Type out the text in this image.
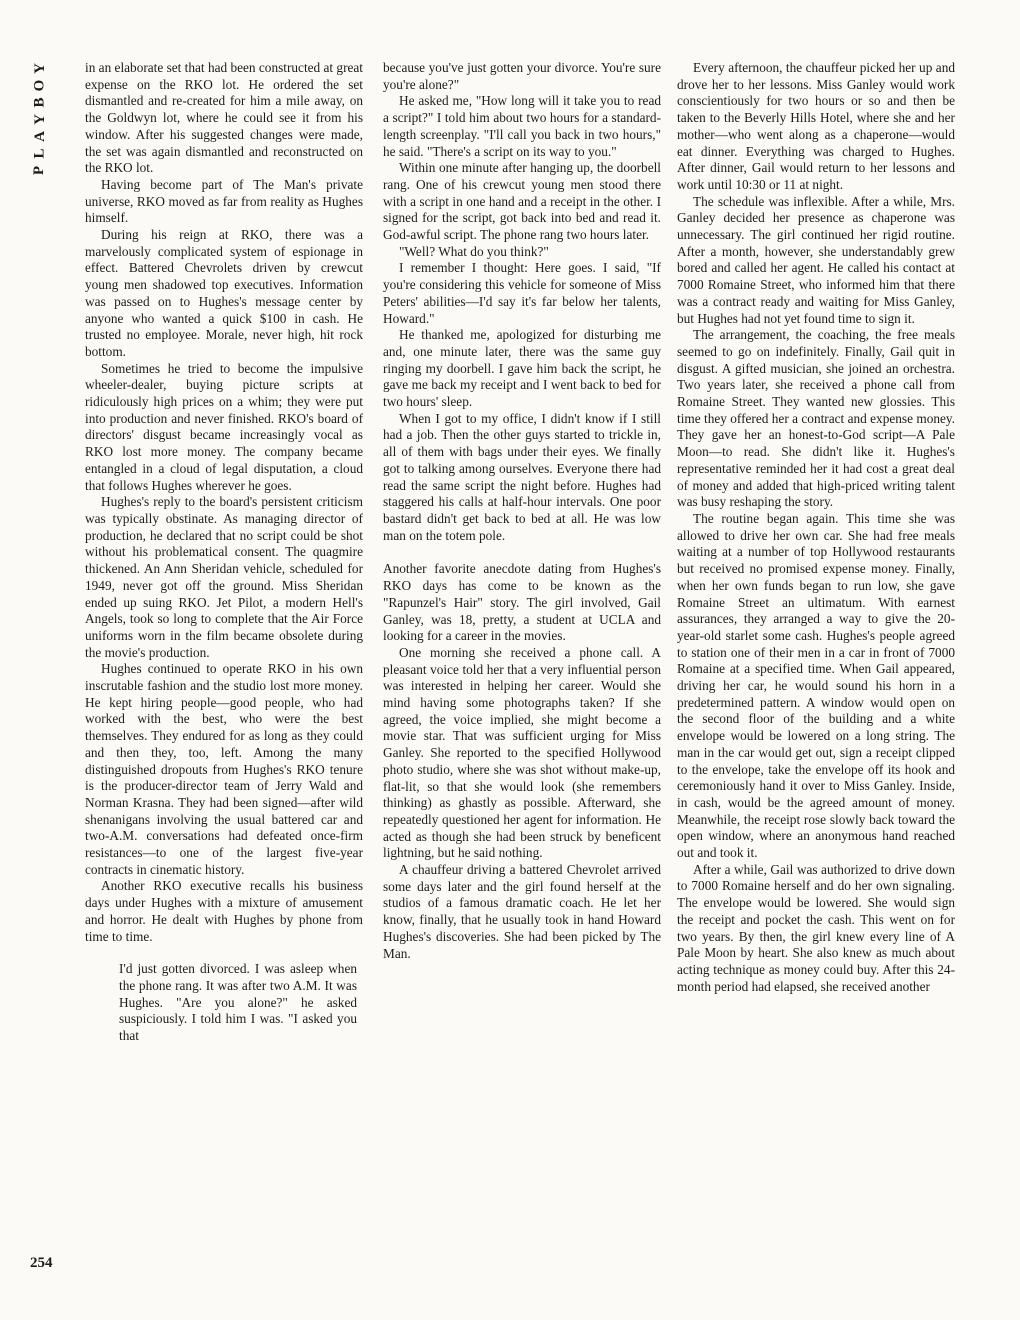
Y
O
B
Y
A
L
P
254

in an elaborate set that had been constructed at great expense on the RKO lot. He ordered the set dismantled and re-created for him a mile away, on the Goldwyn lot, where he could see it from his window. After his suggested changes were made, the set was again dismantled and reconstructed on the RKO lot.

Having become part of The Man's private universe, RKO moved as far from reality as Hughes himself.

During his reign at RKO, there was a marvelously complicated system of espionage in effect. Battered Chevrolets driven by crewcut young men shadowed top executives. Information was passed on to Hughes's message center by anyone who wanted a quick $100 in cash. He trusted no employee. Morale, never high, hit rock bottom.

Sometimes he tried to become the impulsive wheeler-dealer, buying picture scripts at ridiculously high prices on a whim; they were put into production and never finished. RKO's board of directors' disgust became increasingly vocal as RKO lost more money. The company became entangled in a cloud of legal disputation, a cloud that follows Hughes wherever he goes.

Hughes's reply to the board's persistent criticism was typically obstinate. As managing director of production, he declared that no script could be shot without his problematical consent. The quagmire thickened. An Ann Sheridan vehicle, scheduled for 1949, never got off the ground. Miss Sheridan ended up suing RKO. Jet Pilot, a modern Hell's Angels, took so long to complete that the Air Force uniforms worn in the film became obsolete during the movie's production.

Hughes continued to operate RKO in his own inscrutable fashion and the studio lost more money. He kept hiring people—good people, who had worked with the best, who were the best themselves. They endured for as long as they could and then they, too, left. Among the many distinguished dropouts from Hughes's RKO tenure is the producer-director team of Jerry Wald and Norman Krasna. They had been signed—after wild shenanigans involving the usual battered car and two-A.M. conversations had defeated once-firm resistances—to one of the largest five-year contracts in cinematic history.

Another RKO executive recalls his business days under Hughes with a mixture of amusement and horror. He dealt with Hughes by phone from time to time.

I'd just gotten divorced. I was asleep when the phone rang. It was after two A.M. It was Hughes. "Are you alone?" he asked suspiciously. I told him I was. "I asked you that

because you've just gotten your divorce. You're sure you're alone?"

He asked me, "How long will it take you to read a script?" I told him about two hours for a standard-length screenplay. "I'll call you back in two hours," he said. "There's a script on its way to you."

Within one minute after hanging up, the doorbell rang. One of his crewcut young men stood there with a script in one hand and a receipt in the other. I signed for the script, got back into bed and read it. God-awful script. The phone rang two hours later.

"Well? What do you think?"

I remember I thought: Here goes. I said, "If you're considering this vehicle for someone of Miss Peters' abilities—I'd say it's far below her talents, Howard."

He thanked me, apologized for disturbing me and, one minute later, there was the same guy ringing my doorbell. I gave him back the script, he gave me back my receipt and I went back to bed for two hours' sleep.

When I got to my office, I didn't know if I still had a job. Then the other guys started to trickle in, all of them with bags under their eyes. We finally got to talking among ourselves. Everyone there had read the same script the night before. Hughes had staggered his calls at half-hour intervals. One poor bastard didn't get back to bed at all. He was low man on the totem pole.

Another favorite anecdote dating from Hughes's RKO days has come to be known as the "Rapunzel's Hair" story. The girl involved, Gail Ganley, was 18, pretty, a student at UCLA and looking for a career in the movies.

One morning she received a phone call. A pleasant voice told her that a very influential person was interested in helping her career. Would she mind having some photographs taken? If she agreed, the voice implied, she might become a movie star. That was sufficient urging for Miss Ganley. She reported to the specified Hollywood photo studio, where she was shot without make-up, flat-lit, so that she would look (she remembers thinking) as ghastly as possible. Afterward, she repeatedly questioned her agent for information. He acted as though she had been struck by beneficent lightning, but he said nothing.

A chauffeur driving a battered Chevrolet arrived some days later and the girl found herself at the studios of a famous dramatic coach. He let her know, finally, that he usually took in hand Howard Hughes's discoveries. She had been picked by The Man.

Every afternoon, the chauffeur picked her up and drove her to her lessons. Miss Ganley would work conscientiously for two hours or so and then be taken to the Beverly Hills Hotel, where she and her mother—who went along as a chaperone—would eat dinner. Everything was charged to Hughes. After dinner, Gail would return to her lessons and work until 10:30 or 11 at night.

The schedule was inflexible. After a while, Mrs. Ganley decided her presence as chaperone was unnecessary. The girl continued her rigid routine. After a month, however, she understandably grew bored and called her agent. He called his contact at 7000 Romaine Street, who informed him that there was a contract ready and waiting for Miss Ganley, but Hughes had not yet found time to sign it.

The arrangement, the coaching, the free meals seemed to go on indefinitely. Finally, Gail quit in disgust. A gifted musician, she joined an orchestra. Two years later, she received a phone call from Romaine Street. They wanted new glossies. This time they offered her a contract and expense money. They gave her an honest-to-God script—A Pale Moon—to read. She didn't like it. Hughes's representative reminded her it had cost a great deal of money and added that high-priced writing talent was busy reshaping the story.

The routine began again. This time she was allowed to drive her own car. She had free meals waiting at a number of top Hollywood restaurants but received no promised expense money. Finally, when her own funds began to run low, she gave Romaine Street an ultimatum. With earnest assurances, they arranged a way to give the 20-year-old starlet some cash. Hughes's people agreed to station one of their men in a car in front of 7000 Romaine at a specified time. When Gail appeared, driving her car, he would sound his horn in a predetermined pattern. A window would open on the second floor of the building and a white envelope would be lowered on a long string. The man in the car would get out, sign a receipt clipped to the envelope, take the envelope off its hook and ceremoniously hand it over to Miss Ganley. Inside, in cash, would be the agreed amount of money. Meanwhile, the receipt rose slowly back toward the open window, where an anonymous hand reached out and took it.

After a while, Gail was authorized to drive down to 7000 Romaine herself and do her own signaling. The envelope would be lowered. She would sign the receipt and pocket the cash. This went on for two years. By then, the girl knew every line of A Pale Moon by heart. She also knew as much about acting technique as money could buy. After this 24-month period had elapsed, she received another
